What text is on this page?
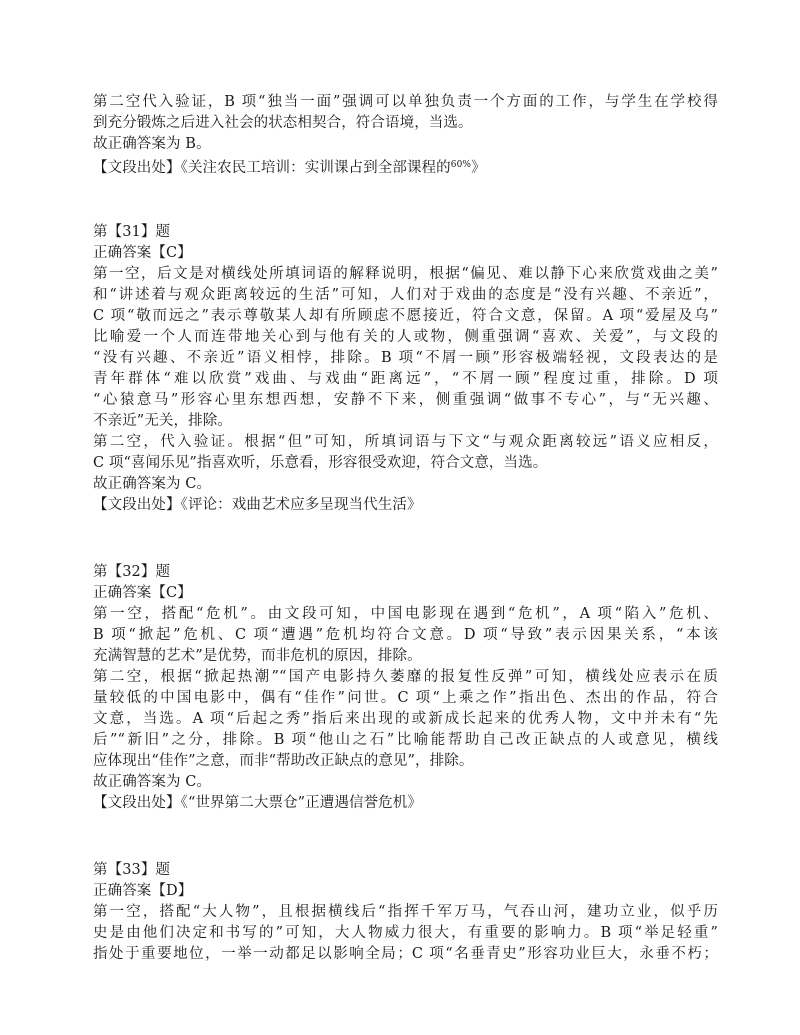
第二空代入验证，B 项“独当一面”强调可以单独负责一个方面的工作，与学生在学校得
到充分锻炼之后进入社会的状态相契合，符合语境，当选。
故正确答案为 B。
【文段出处】《关注农民工培训：实训课占到全部课程的$^{60\%}$》
第【31】题
正确答案【C】
第一空，后文是对横线处所填词语的解释说明，根据“偏见、难以静下心来欣赏戏曲之美”
和“讲述着与观众距离较远的生活”可知，人们对于戏曲的态度是“没有兴趣、不亲近”，
C 项“敬而远之”表示尊敬某人却有所顾虑不愿接近，符合文意，保留。A 项“爱屋及乌”
比喻爱一个人而连带地关心到与他有关的人或物，侧重强调“喜欢、关爱”，与文段的
“没有兴趣、不亲近”语义相悖，排除。B 项“不屑一顾”形容极端轻视，文段表达的是
青年群体“难以欣赏”戏曲、与戏曲“距离远”，“不屑一顾”程度过重，排除。D 项
“心猿意马”形容心里东想西想，安静不下来，侧重强调“做事不专心”，与“无兴趣、
不亲近”无关，排除。
第二空，代入验证。根据“但”可知，所填词语与下文“与观众距离较远”语义应相反，
C 项“喜闻乐见”指喜欢听，乐意看，形容很受欢迎，符合文意，当选。
故正确答案为 C。
【文段出处】《评论：戏曲艺术应多呈现当代生活》
第【32】题
正确答案【C】
第一空，搭配“危机”。由文段可知，中国电影现在遇到“危机”，A 项“陷入”危机、
B 项“掀起”危机、C 项“遭遇”危机均符合文意。D 项“导致”表示因果关系，“本该
充满智慧的艺术”是优势，而非危机的原因，排除。
第二空，根据“掀起热潮”“国产电影持久萎靡的报复性反弹”可知，横线处应表示在质
量较低的中国电影中，偶有“佳作”问世。C 项“上乘之作”指出色、杰出的作品，符合
文意，当选。A 项“后起之秀”指后来出现的或新成长起来的优秀人物，文中并未有“先
后”“新旧”之分，排除。B 项“他山之石”比喻能帮助自己改正缺点的人或意见，横线
应体现出“佳作”之意，而非“帮助改正缺点的意见”，排除。
故正确答案为 C。
【文段出处】《“世界第二大票仓”正遭遇信誉危机》
第【33】题
正确答案【D】
第一空，搭配“大人物”，且根据横线后“指挥千军万马，气吞山河，建功立业，似乎历
史是由他们决定和书写的”可知，大人物威力很大，有重要的影响力。B 项“举足轻重”
指处于重要地位，一举一动都足以影响全局；C 项“名垂青史”形容功业巨大，永垂不朽；
